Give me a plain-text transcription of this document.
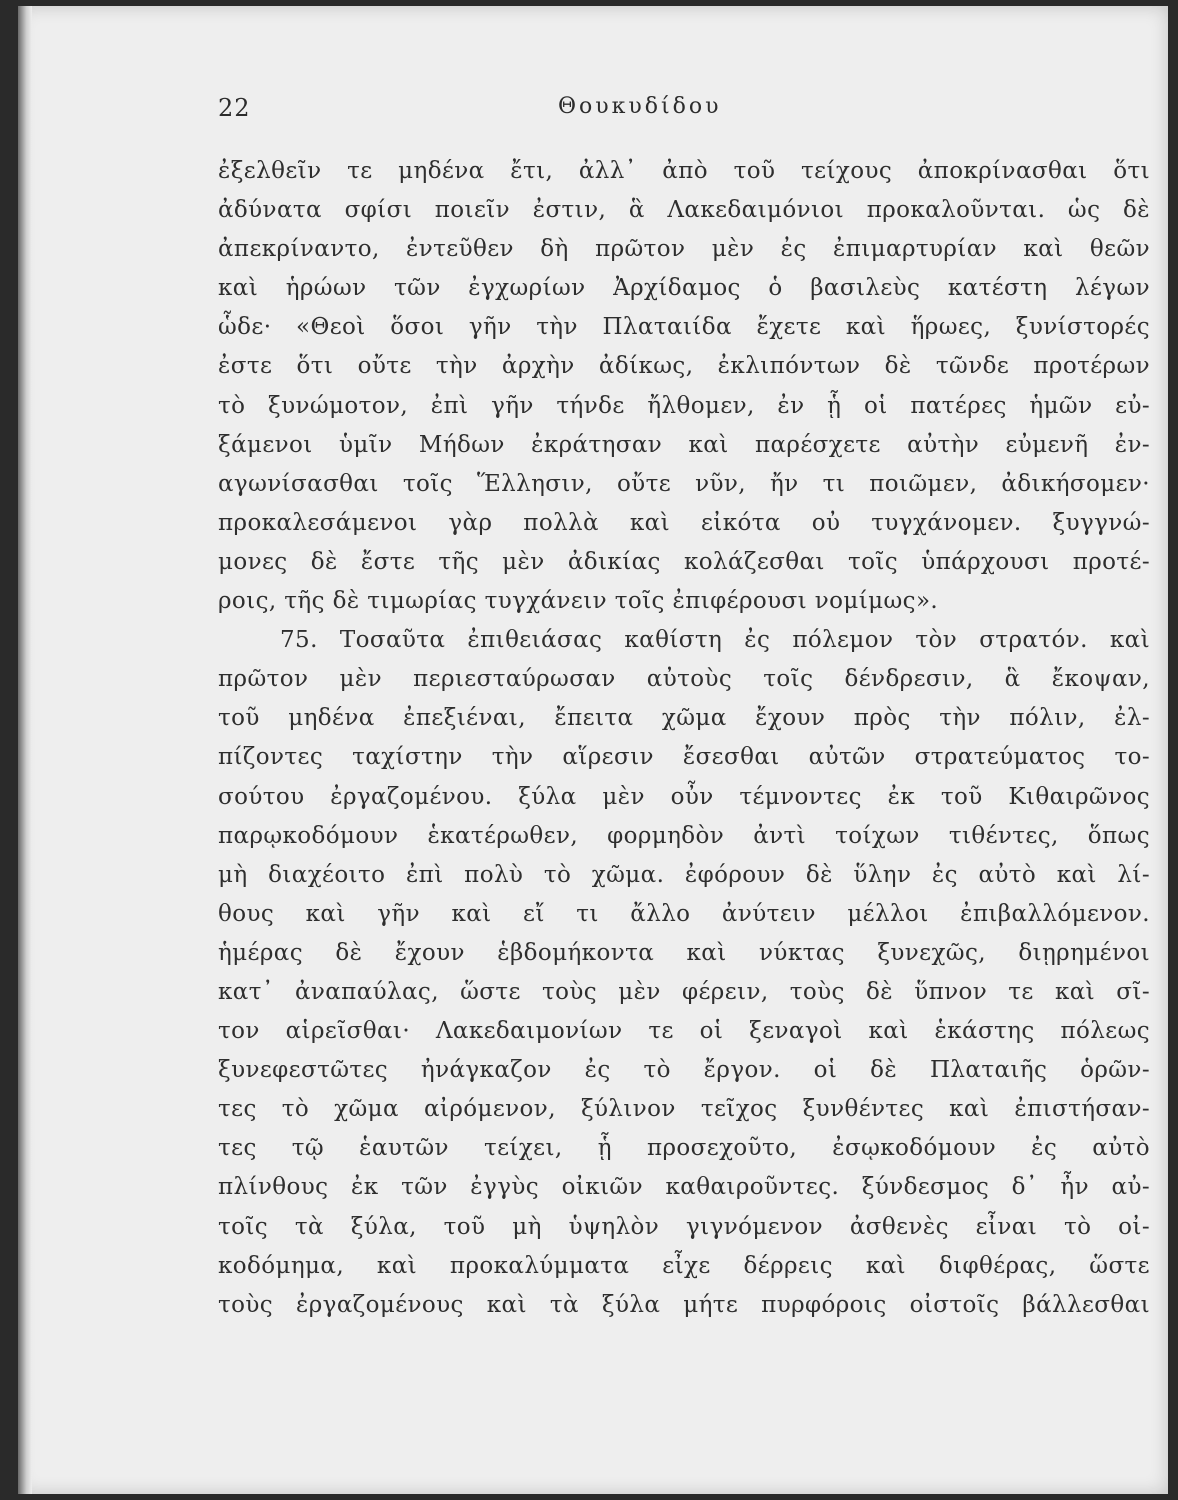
22	Θουκυδίδου
ἐξελθεῖν τε μηδένα ἔτι, ἀλλ᾽ ἀπὸ τοῦ τείχους ἀποκρίνασθαι ὅτι
ἀδύνατα σφίσι ποιεῖν ἐστιν, ἃ Λακεδαιμόνιοι προκαλοῦνται. ὡς δὲ
ἀπεκρίναντο, ἐντεῦθεν δὴ πρῶτον μὲν ἐς ἐπιμαρτυρίαν καὶ θεῶν
καὶ ἡρώων τῶν ἐγχωρίων Ἀρχίδαμος ὁ βασιλεὺς κατέστη λέγων
ὧδε· «Θεοὶ ὅσοι γῆν τὴν Πλαταιίδα ἔχετε καὶ ἥρωες, ξυνίστορές
ἐστε ὅτι οὔτε τὴν ἀρχὴν ἀδίκως, ἐκλιπόντων δὲ τῶνδε προτέρων
τὸ ξυνώμοτον, ἐπὶ γῆν τήνδε ἤλθομεν, ἐν ᾗ οἱ πατέρες ἡμῶν εὐ-
ξάμενοι ὑμῖν Μήδων ἐκράτησαν καὶ παρέσχετε αὐτὴν εὐμενῆ ἐν-
αγωνίσασθαι τοῖς Ἕλλησιν, οὔτε νῦν, ἤν τι ποιῶμεν, ἀδικήσομεν·
προκαλεσάμενοι γὰρ πολλὰ καὶ εἰκότα οὐ τυγχάνομεν. ξυγγνώ-
μονες δὲ ἔστε τῆς μὲν ἀδικίας κολάζεσθαι τοῖς ὑπάρχουσι προτέ-
ροις, τῆς δὲ τιμωρίας τυγχάνειν τοῖς ἐπιφέρουσι νομίμως».
75. Τοσαῦτα ἐπιθειάσας καθίστη ἐς πόλεμον τὸν στρατόν. καὶ
πρῶτον μὲν περιεσταύρωσαν αὐτοὺς τοῖς δένδρεσιν, ἃ ἔκοψαν,
τοῦ μηδένα ἐπεξιέναι, ἔπειτα χῶμα ἔχουν πρὸς τὴν πόλιν, ἐλ-
πίζοντες ταχίστην τὴν αἵρεσιν ἔσεσθαι αὐτῶν στρατεύματος το-
σούτου ἐργαζομένου. ξύλα μὲν οὖν τέμνοντες ἐκ τοῦ Κιθαιρῶνος
παρῳκοδόμουν ἑκατέρωθεν, φορμηδὸν ἀντὶ τοίχων τιθέντες, ὅπως
μὴ διαχέοιτο ἐπὶ πολὺ τὸ χῶμα. ἐφόρουν δὲ ὕλην ἐς αὐτὸ καὶ λί-
θους καὶ γῆν καὶ εἴ τι ἄλλο ἀνύτειν μέλλοι ἐπιβαλλόμενον.
ἡμέρας δὲ ἔχουν ἑβδομήκοντα καὶ νύκτας ξυνεχῶς, διῃρημένοι
κατ᾽ ἀναπαύλας, ὥστε τοὺς μὲν φέρειν, τοὺς δὲ ὕπνον τε καὶ σῖ-
τον αἱρεῖσθαι· Λακεδαιμονίων τε οἱ ξεναγοὶ καὶ ἑκάστης πόλεως
ξυνεφεστῶτες ἠνάγκαζον ἐς τὸ ἔργον. οἱ δὲ Πλαταιῆς ὁρῶν-
τες τὸ χῶμα αἰρόμενον, ξύλινον τεῖχος ξυνθέντες καὶ ἐπιστήσαν-
τες τῷ ἑαυτῶν τείχει, ᾗ προσεχοῦτο, ἐσῳκοδόμουν ἐς αὐτὸ
πλίνθους ἐκ τῶν ἐγγὺς οἰκιῶν καθαιροῦντες. ξύνδεσμος δ᾽ ἦν αὐ-
τοῖς τὰ ξύλα, τοῦ μὴ ὑψηλὸν γιγνόμενον ἀσθενὲς εἶναι τὸ οἰ-
κοδόμημα, καὶ προκαλύμματα εἶχε δέρρεις καὶ διφθέρας, ὥστε
τοὺς ἐργαζομένους καὶ τὰ ξύλα μήτε πυρφόροις οἰστοῖς βάλλεσθαι
